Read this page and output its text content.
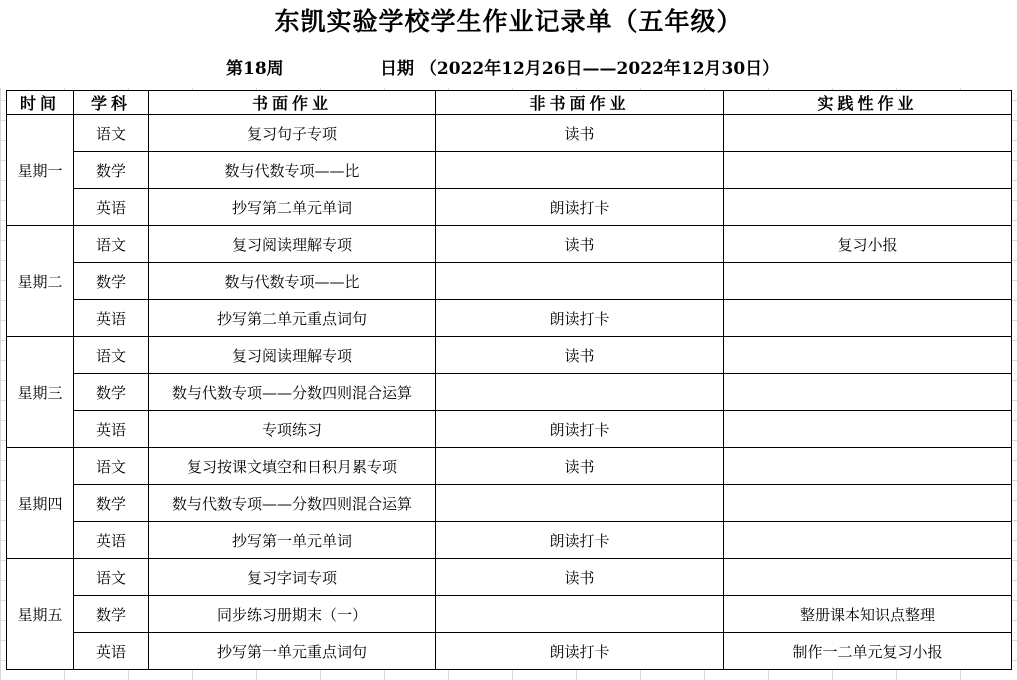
东凯实验学校学生作业记录单（五年级）
第18周	日期 （2022年12月26日——2022年12月30日）
时间	学科	书面作业	非书面作业	实践性作业
星期一	语文	复习句子专项	读书	
	数学	数与代数专项——比		
	英语	抄写第二单元单词	朗读打卡	
星期二	语文	复习阅读理解专项	读书	复习小报
	数学	数与代数专项——比		
	英语	抄写第二单元重点词句	朗读打卡	
星期三	语文	复习阅读理解专项	读书	
	数学	数与代数专项——分数四则混合运算		
	英语	专项练习	朗读打卡	
星期四	语文	复习按课文填空和日积月累专项	读书	
	数学	数与代数专项——分数四则混合运算		
	英语	抄写第一单元单词	朗读打卡	
星期五	语文	复习字词专项	读书	
	数学	同步练习册期末（一）		整册课本知识点整理
	英语	抄写第一单元重点词句	朗读打卡	制作一二单元复习小报
